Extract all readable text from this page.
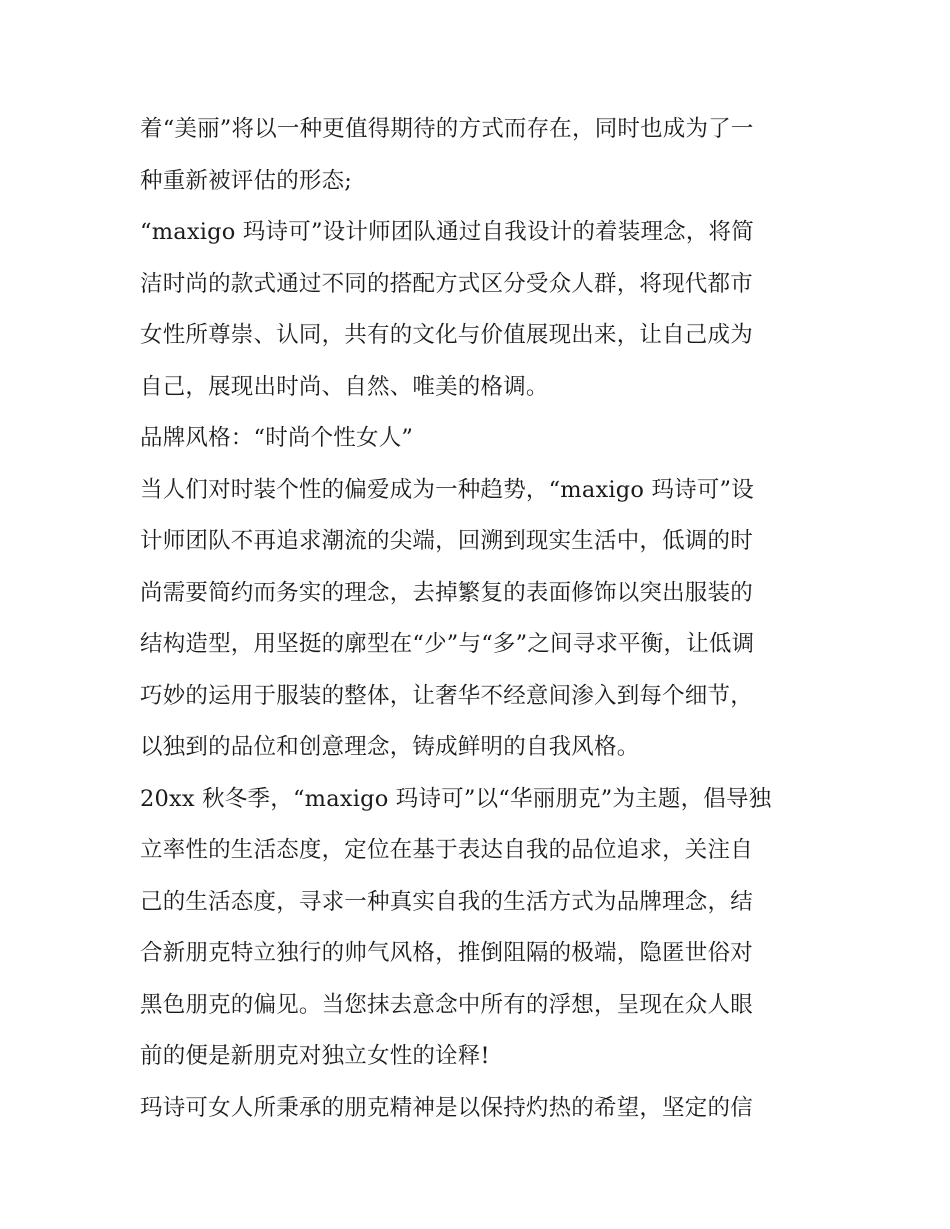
着“美丽”将以一种更值得期待的方式而存在，同时也成为了一
种重新被评估的形态;
“maxigo 玛诗可”设计师团队通过自我设计的着装理念，将简
洁时尚的款式通过不同的搭配方式区分受众人群，将现代都市
女性所尊崇、认同，共有的文化与价值展现出来，让自己成为
自己，展现出时尚、自然、唯美的格调。
品牌风格：“时尚个性女人”
当人们对时装个性的偏爱成为一种趋势，“maxigo 玛诗可”设
计师团队不再追求潮流的尖端，回溯到现实生活中，低调的时
尚需要简约而务实的理念，去掉繁复的表面修饰以突出服装的
结构造型，用坚挺的廓型在“少”与“多”之间寻求平衡，让低调
巧妙的运用于服装的整体，让奢华不经意间渗入到每个细节，
以独到的品位和创意理念，铸成鲜明的自我风格。
20xx 秋冬季，“maxigo 玛诗可”以“华丽朋克”为主题，倡导独
立率性的生活态度，定位在基于表达自我的品位追求，关注自
己的生活态度，寻求一种真实自我的生活方式为品牌理念，结
合新朋克特立独行的帅气风格，推倒阻隔的极端，隐匿世俗对
黑色朋克的偏见。当您抹去意念中所有的浮想，呈现在众人眼
前的便是新朋克对独立女性的诠释!
玛诗可女人所秉承的朋克精神是以保持灼热的希望，坚定的信
